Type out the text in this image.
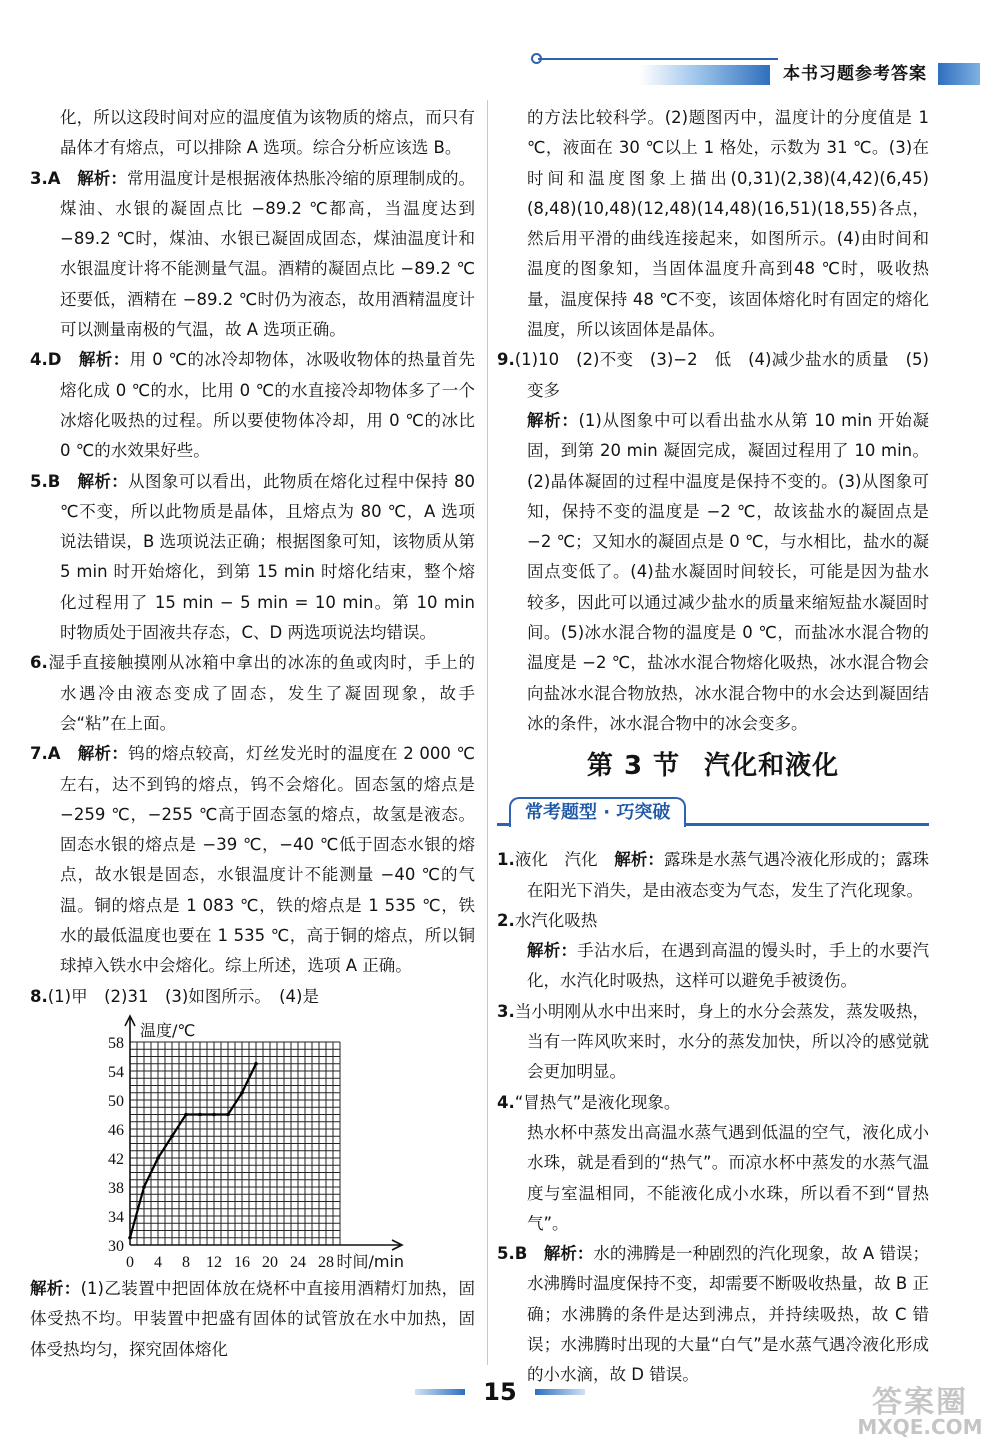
本书习题参考答案

化，所以这段时间对应的温度值为该物质的熔点，而只有晶体才有熔点，可以排除 A 选项。综合分析应该选 B。

3.A　 解析：常用温度计是根据液体热胀冷缩的原理制成的。煤油、水银的凝固点比 −89.2 ℃都高，当温度达到 −89.2 ℃时，煤油、水银已凝固成固态，煤油温度计和水银温度计将不能测量气温。酒精的凝固点比 −89.2 ℃还要低，酒精在 −89.2 ℃时仍为液态，故用酒精温度计可以测量南极的气温，故 A 选项正确。

4.D　 解析：用 0 ℃的冰冷却物体，冰吸收物体的热量首先熔化成 0 ℃的水，比用 0 ℃的水直接冷却物体多了一个冰熔化吸热的过程。所以要使物体冷却，用 0 ℃的冰比 0 ℃的水效果好些。

5.B　 解析：从图象可以看出，此物质在熔化过程中保持 80 ℃不变，所以此物质是晶体，且熔点为 80 ℃，A 选项说法错误，B 选项说法正确；根据图象可知，该物质从第 5 min 时开始熔化，到第 15 min 时熔化结束，整个熔化过程用了 15 min − 5 min = 10 min。第 10 min 时物质处于固液共存态，C、D 两选项说法均错误。

6.湿手直接触摸刚从冰箱中拿出的冰冻的鱼或肉时，手上的水遇冷由液态变成了固态，发生了凝固现象，故手会“粘”在上面。

7.A　 解析：钨的熔点较高，灯丝发光时的温度在 2 000 ℃左右，达不到钨的熔点，钨不会熔化。固态氢的熔点是 −259 ℃，−255 ℃高于固态氢的熔点，故氢是液态。固态水银的熔点是 −39 ℃，−40 ℃低于固态水银的熔点，故水银是固态，水银温度计不能测量 −40 ℃的气温。铜的熔点是 1 083 ℃，铁的熔点是 1 535 ℃，铁水的最低温度也要在 1 535 ℃，高于铜的熔点，所以铜球掉入铁水中会熔化。综上所述，选项 A 正确。

8.(1)甲　(2)31　(3)如图所示。　(4)是

30
34
38
42
46
50
54
58
0 4 8 12 16 20 24 28
温度/℃
时间/min

解析：(1)乙装置中把固体放在烧杯中直接用酒精灯加热，固体受热不均。甲装置中把盛有固体的试管放在水中加热，固体受热均匀，探究固体熔化

的方法比较科学。(2)题图丙中，温度计的分度值是 1 ℃，液面在 30 ℃以上 1 格处，示数为 31 ℃。(3)在时间和温度图象上描出(0,31)(2,38)(4,42)(6,45)(8,48)(10,48)(12,48)(14,48)(16,51)(18,55)各点，然后用平滑的曲线连接起来，如图所示。(4)由时间和温度的图象知，当固体温度升高到48 ℃时，吸收热量，温度保持 48 ℃不变，该固体熔化时有固定的熔化温度，所以该固体是晶体。

9.(1)10　(2)不变　(3)−2　低　(4)减少盐水的质量　(5)变多

解析：(1)从图象中可以看出盐水从第 10 min 开始凝固，到第 20 min 凝固完成，凝固过程用了 10 min。(2)晶体凝固的过程中温度是保持不变的。(3)从图象可知，保持不变的温度是 −2 ℃，故该盐水的凝固点是 −2 ℃；又知水的凝固点是 0 ℃，与水相比，盐水的凝固点变低了。(4)盐水凝固时间较长，可能是因为盐水较多，因此可以通过减少盐水的质量来缩短盐水凝固时间。(5)冰水混合物的温度是 0 ℃，而盐冰水混合物的温度是 −2 ℃，盐冰水混合物熔化吸热，冰水混合物会向盐冰水混合物放热，冰水混合物中的水会达到凝固结冰的条件，冰水混合物中的冰会变多。

第 3 节 汽化和液化
常考题型 · 巧突破

1.液化　汽化　解析：露珠是水蒸气遇冷液化形成的；露珠在阳光下消失，是由液态变为气态，发生了汽化现象。

2.水汽化吸热

解析：手沾水后，在遇到高温的馒头时，手上的水要汽化，水汽化时吸热，这样可以避免手被烫伤。

3.当小明刚从水中出来时，身上的水分会蒸发，蒸发吸热，当有一阵风吹来时，水分的蒸发加快，所以冷的感觉就会更加明显。

4.“冒热气”是液化现象。

热水杯中蒸发出高温水蒸气遇到低温的空气，液化成小水珠，就是看到的“热气”。而凉水杯中蒸发的水蒸气温度与室温相同，不能液化成小水珠，所以看不到“冒热气”。

5.B　 解析：水的沸腾是一种剧烈的汽化现象，故 A 错误；水沸腾时温度保持不变，却需要不断吸收热量，故 B 正确；水沸腾的条件是达到沸点，并持续吸热，故 C 错误；水沸腾时出现的大量“白气”是水蒸气遇冷液化形成的小水滴，故 D 错误。

15	答案圈
MXQE.COM
